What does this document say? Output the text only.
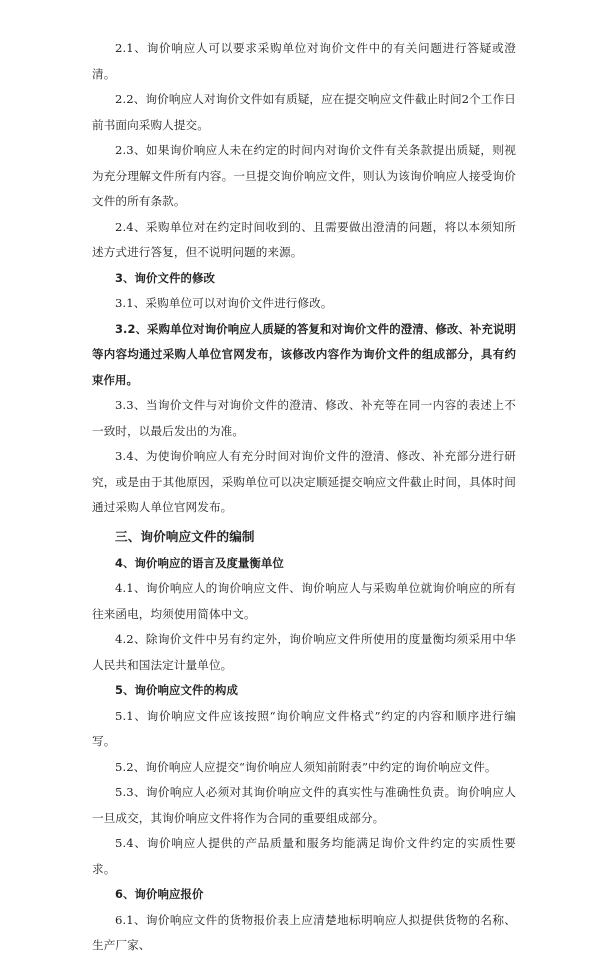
2.1、询价响应人可以要求采购单位对询价文件中的有关问题进行答疑或澄清。

2.2、询价响应人对询价文件如有质疑，应在提交响应文件截止时间2个工作日前书面向采购人提交。

2.3、如果询价响应人未在约定的时间内对询价文件有关条款提出质疑，则视为充分理解文件所有内容。一旦提交询价响应文件，则认为该询价响应人接受询价文件的所有条款。

2.4、采购单位对在约定时间收到的、且需要做出澄清的问题，将以本须知所述方式进行答复，但不说明问题的来源。

3、询价文件的修改

3.1、采购单位可以对询价文件进行修改。

3.2、采购单位对询价响应人质疑的答复和对询价文件的澄清、修改、补充说明等内容均通过采购人单位官网发布，该修改内容作为询价文件的组成部分，具有约束作用。

3.3、当询价文件与对询价文件的澄清、修改、补充等在同一内容的表述上不一致时，以最后发出的为准。

3.4、为使询价响应人有充分时间对询价文件的澄清、修改、补充部分进行研究，或是由于其他原因，采购单位可以决定顺延提交响应文件截止时间，具体时间通过采购人单位官网发布。

三、询价响应文件的编制

4、询价响应的语言及度量衡单位

4.1、询价响应人的询价响应文件、询价响应人与采购单位就询价响应的所有往来函电，均须使用简体中文。

4.2、除询价文件中另有约定外，询价响应文件所使用的度量衡均须采用中华人民共和国法定计量单位。

5、询价响应文件的构成

5.1、询价响应文件应该按照“询价响应文件格式”约定的内容和顺序进行编写。

5.2、询价响应人应提交“询价响应人须知前附表”中约定的询价响应文件。

5.3、询价响应人必须对其询价响应文件的真实性与准确性负责。询价响应人一旦成交，其询价响应文件将作为合同的重要组成部分。

5.4、询价响应人提供的产品质量和服务均能满足询价文件约定的实质性要求。

6、询价响应报价

6.1、询价响应文件的货物报价表上应清楚地标明响应人拟提供货物的名称、生产厂家、
